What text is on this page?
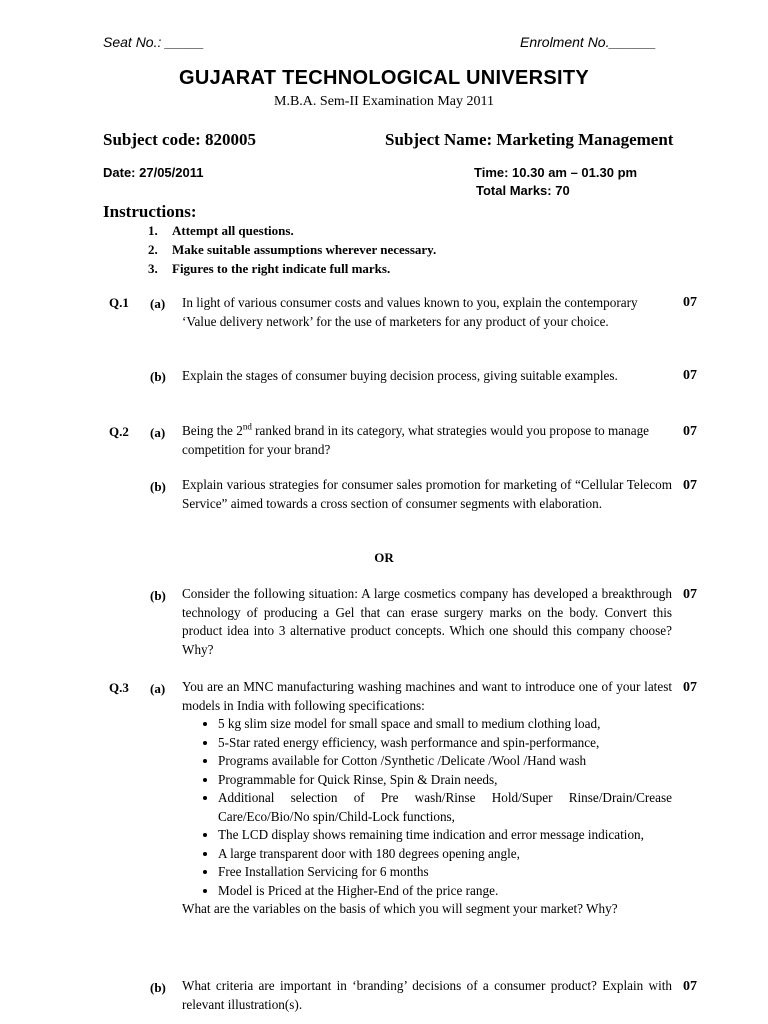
Seat No.: _____	Enrolment No.______
GUJARAT TECHNOLOGICAL UNIVERSITY
M.B.A. Sem-II Examination May 2011
Subject code: 820005	Subject Name: Marketing Management
Date: 27/05/2011	Time: 10.30 am – 01.30 pm
Total Marks: 70
Instructions:
1. Attempt all questions.
2. Make suitable assumptions wherever necessary.
3. Figures to the right indicate full marks.
Q.1 (a) In light of various consumer costs and values known to you, explain the contemporary ‘Value delivery network’ for the use of marketers for any product of your choice.
07
(b) Explain the stages of consumer buying decision process, giving suitable examples.	07
Q.2 (a) Being the 2nd ranked brand in its category, what strategies would you propose to manage competition for your brand?
07
(b) Explain various strategies for consumer sales promotion for marketing of “Cellular Telecom Service” aimed towards a cross section of consumer segments with elaboration.
07
OR
(b) Consider the following situation: A large cosmetics company has developed a breakthrough technology of producing a Gel that can erase surgery marks on the body. Convert this product idea into 3 alternative product concepts. Which one should this company choose? Why?
07
Q.3 (a) You are an MNC manufacturing washing machines and want to introduce one of your latest models in India with following specifications:

• 5 kg slim size model for small space and small to medium clothing load,
• 5-Star rated energy efficiency, wash performance and spin-performance,
• Programs available for Cotton /Synthetic /Delicate /Wool /Hand wash
• Programmable for Quick Rinse, Spin & Drain needs,
• Additional selection of Pre wash/Rinse Hold/Super Rinse/Drain/Crease Care/Eco/Bio/No spin/Child-Lock functions,
• The LCD display shows remaining time indication and error message indication,
• A large transparent door with 180 degrees opening angle,
• Free Installation Servicing for 6 months
• Model is Priced at the Higher-End of the price range.

What are the variables on the basis of which you will segment your market? Why?

07
(b) What criteria are important in ‘branding’ decisions of a consumer product? Explain with relevant illustration(s).
07
